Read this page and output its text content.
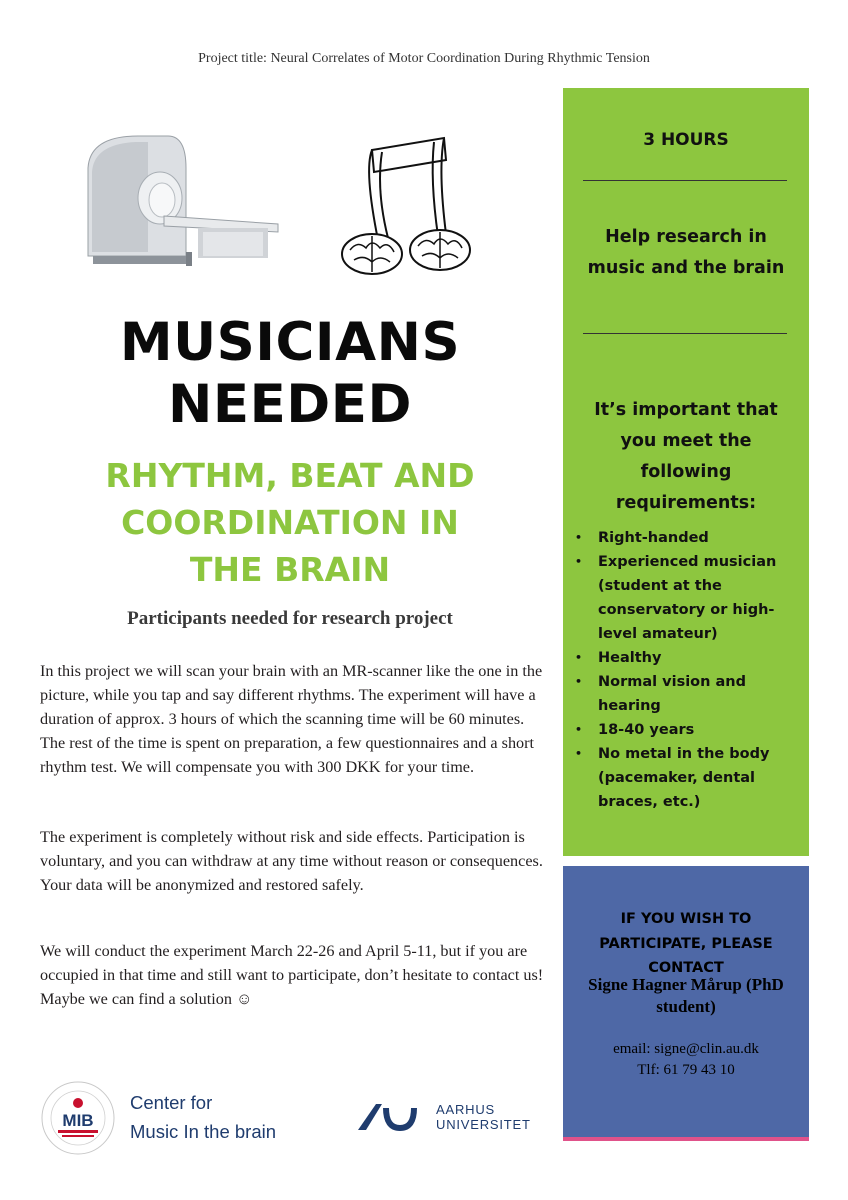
Project title: Neural Correlates of Motor Coordination During Rhythmic Tension
MUSICIANS
NEEDED
RHYTHM, BEAT AND
COORDINATION IN
THE BRAIN
Participants needed for research project

In this project we will scan your brain with an MR-scanner like the one in the picture, while you tap and say different rhythms. The experiment will have a duration of approx. 3 hours of which the scanning time will be 60 minutes. The rest of the time is spent on preparation, a few questionnaires and a short rhythm test. We will compensate you with 300 DKK for your time.

The experiment is completely without risk and side effects. Participation is voluntary, and you can withdraw at any time without reason or consequences. Your data will be anonymized and restored safely.

We will conduct the experiment March 22-26 and April 5-11, but if you are occupied in that time and still want to participate, don’t hesitate to contact us! Maybe we can find a solution ☺

3 HOURS
Help research in music and the brain
It’s important that you meet the following requirements:
• Right-handed
• Experienced musician (student at the conservatory or high-level amateur)
• Healthy
• Normal vision and hearing
• 18-40 years
• No metal in the body (pacemaker, dental braces, etc.)
IF YOU WISH TO PARTICIPATE, PLEASE CONTACT
Signe Hagner Mårup (PhD student)
email: signe@clin.au.dk
Tlf: 61 79 43 10
MIB
Center for
Music In the brain
AARHUS
UNIVERSITET
